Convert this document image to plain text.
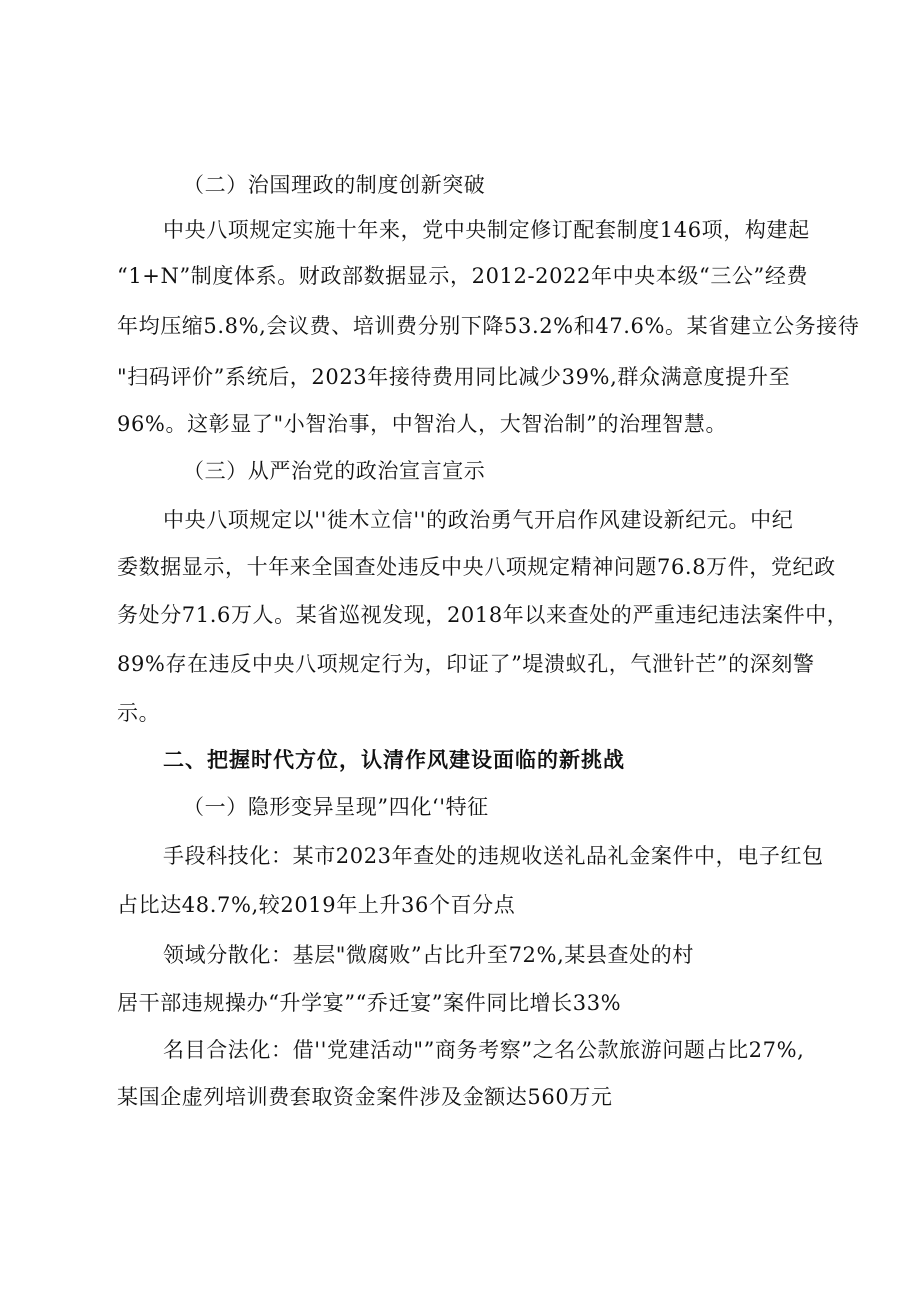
（二）治国理政的制度创新突破
中央八项规定实施十年来，党中央制定修订配套制度146项，构建起
“1+N”制度体系。财政部数据显示，2012-2022年中央本级“三公”经费
年均压缩5.8%,会议费、培训费分别下降53.2%和47.6%。某省建立公务接待
"扫码评价”系统后，2023年接待费用同比减少39%,群众满意度提升至
96%。这彰显了"小智治事，中智治人，大智治制”的治理智慧。
（三）从严治党的政治宣言宣示
中央八项规定以''徙木立信''的政治勇气开启作风建设新纪元。中纪
委数据显示，十年来全国查处违反中央八项规定精神问题76.8万件，党纪政
务处分71.6万人。某省巡视发现，2018年以来查处的严重违纪违法案件中，
89%存在违反中央八项规定行为，印证了”堤溃蚁孔，气泄针芒”的深刻警
示。
二、把握时代方位，认清作风建设面临的新挑战
（一）隐形变异呈现”四化‘'特征
手段科技化：某市2023年查处的违规收送礼品礼金案件中，电子红包
占比达48.7%,较2019年上升36个百分点
领域分散化：基层"微腐败”占比升至72%,某县查处的村
居干部违规操办“升学宴”“乔迁宴”案件同比增长33%
名目合法化：借''党建活动"”商务考察”之名公款旅游问题占比27%,
某国企虚列培训费套取资金案件涉及金额达560万元
